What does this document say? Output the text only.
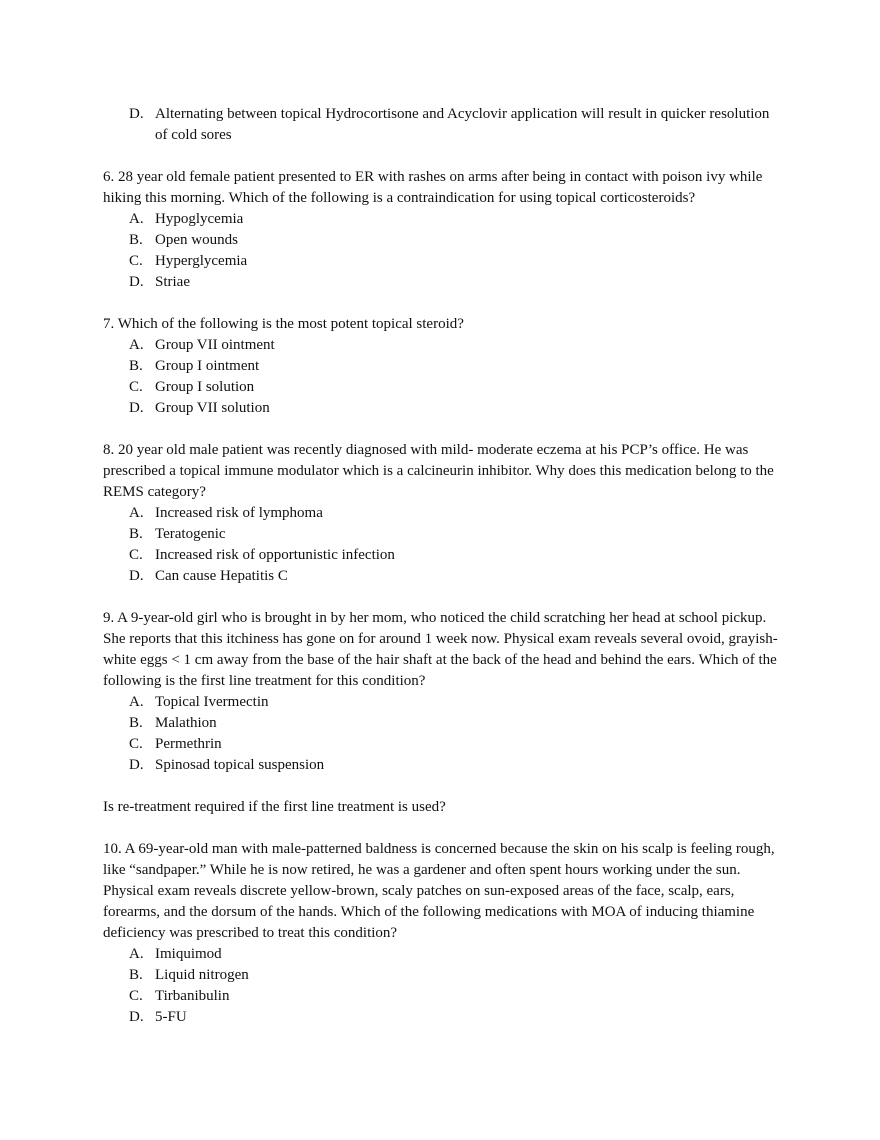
D. Alternating between topical Hydrocortisone and Acyclovir application will result in quicker resolution of cold sores

6. 28 year old female patient presented to ER with rashes on arms after being in contact with poison ivy while hiking this morning. Which of the following is a contraindication for using topical corticosteroids?

A. Hypoglycemia
B. Open wounds
C. Hyperglycemia
D. Striae

7. Which of the following is the most potent topical steroid?

A. Group VII ointment
B. Group I ointment
C. Group I solution
D. Group VII solution

8. 20 year old male patient was recently diagnosed with mild- moderate eczema at his PCP’s office. He was prescribed a topical immune modulator which is a calcineurin inhibitor. Why does this medication belong to the REMS category?

A. Increased risk of lymphoma
B. Teratogenic
C. Increased risk of opportunistic infection
D. Can cause Hepatitis C

9. A 9-year-old girl who is brought in by her mom, who noticed the child scratching her head at school pickup. She reports that this itchiness has gone on for around 1 week now. Physical exam reveals several ovoid, grayish-white eggs < 1 cm away from the base of the hair shaft at the back of the head and behind the ears. Which of the following is the first line treatment for this condition?

A. Topical Ivermectin
B. Malathion
C. Permethrin
D. Spinosad topical suspension

Is re-treatment required if the first line treatment is used?

10. A 69-year-old man with male-patterned baldness is concerned because the skin on his scalp is feeling rough, like “sandpaper.” While he is now retired, he was a gardener and often spent hours working under the sun. Physical exam reveals discrete yellow-brown, scaly patches on sun-exposed areas of the face, scalp, ears, forearms, and the dorsum of the hands. Which of the following medications with MOA of inducing thiamine deficiency was prescribed to treat this condition?

A. Imiquimod
B. Liquid nitrogen
C. Tirbanibulin
D. 5-FU
